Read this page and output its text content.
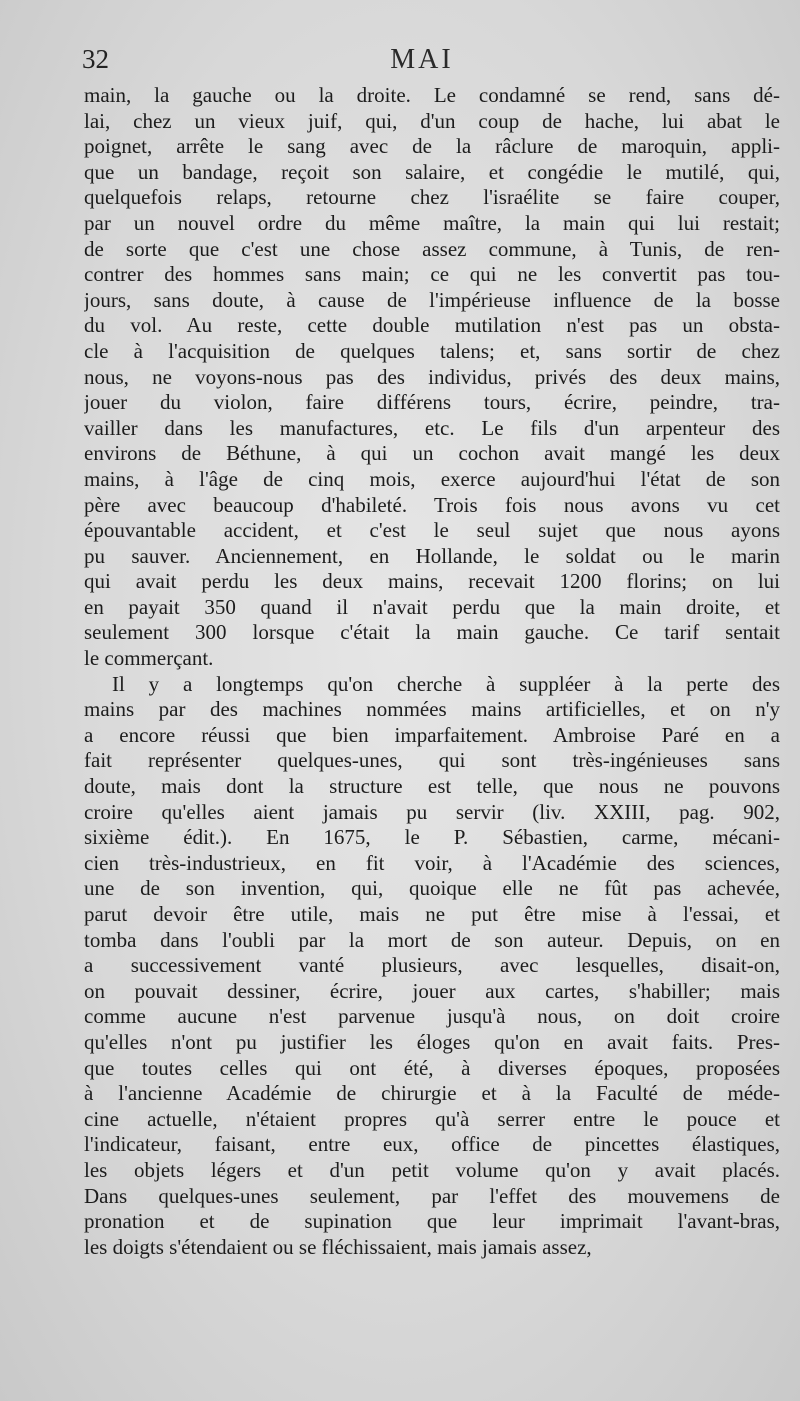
32	MAI
main, la gauche ou la droite. Le condamné se rend, sans dé-
lai, chez un vieux juif, qui, d'un coup de hache, lui abat le
poignet, arrête le sang avec de la râclure de maroquin, appli-
que un bandage, reçoit son salaire, et congédie le mutilé, qui,
quelquefois relaps, retourne chez l'israélite se faire couper,
par un nouvel ordre du même maître, la main qui lui restait;
de sorte que c'est une chose assez commune, à Tunis, de ren-
contrer des hommes sans main; ce qui ne les convertit pas tou-
jours, sans doute, à cause de l'impérieuse influence de la bosse
du vol. Au reste, cette double mutilation n'est pas un obsta-
cle à l'acquisition de quelques talens; et, sans sortir de chez
nous, ne voyons-nous pas des individus, privés des deux mains,
jouer du violon, faire différens tours, écrire, peindre, tra-
vailler dans les manufactures, etc. Le fils d'un arpenteur des
environs de Béthune, à qui un cochon avait mangé les deux
mains, à l'âge de cinq mois, exerce aujourd'hui l'état de son
père avec beaucoup d'habileté. Trois fois nous avons vu cet
épouvantable accident, et c'est le seul sujet que nous ayons
pu sauver. Anciennement, en Hollande, le soldat ou le marin
qui avait perdu les deux mains, recevait 1200 florins; on lui
en payait 350 quand il n'avait perdu que la main droite, et
seulement 300 lorsque c'était la main gauche. Ce tarif sentait
le commerçant.
Il y a longtemps qu'on cherche à suppléer à la perte des
mains par des machines nommées mains artificielles, et on n'y
a encore réussi que bien imparfaitement. Ambroise Paré en a
fait représenter quelques-unes, qui sont très-ingénieuses sans
doute, mais dont la structure est telle, que nous ne pouvons
croire qu'elles aient jamais pu servir (liv. XXIII, pag. 902,
sixième édit.). En 1675, le P. Sébastien, carme, mécani-
cien très-industrieux, en fit voir, à l'Académie des sciences,
une de son invention, qui, quoique elle ne fût pas achevée,
parut devoir être utile, mais ne put être mise à l'essai, et
tomba dans l'oubli par la mort de son auteur. Depuis, on en
a successivement vanté plusieurs, avec lesquelles, disait-on,
on pouvait dessiner, écrire, jouer aux cartes, s'habiller; mais
comme aucune n'est parvenue jusqu'à nous, on doit croire
qu'elles n'ont pu justifier les éloges qu'on en avait faits. Pres-
que toutes celles qui ont été, à diverses époques, proposées
à l'ancienne Académie de chirurgie et à la Faculté de méde-
cine actuelle, n'étaient propres qu'à serrer entre le pouce et
l'indicateur, faisant, entre eux, office de pincettes élastiques,
les objets légers et d'un petit volume qu'on y avait placés.
Dans quelques-unes seulement, par l'effet des mouvemens de
pronation et de supination que leur imprimait l'avant-bras,
les doigts s'étendaient ou se fléchissaient, mais jamais assez,
